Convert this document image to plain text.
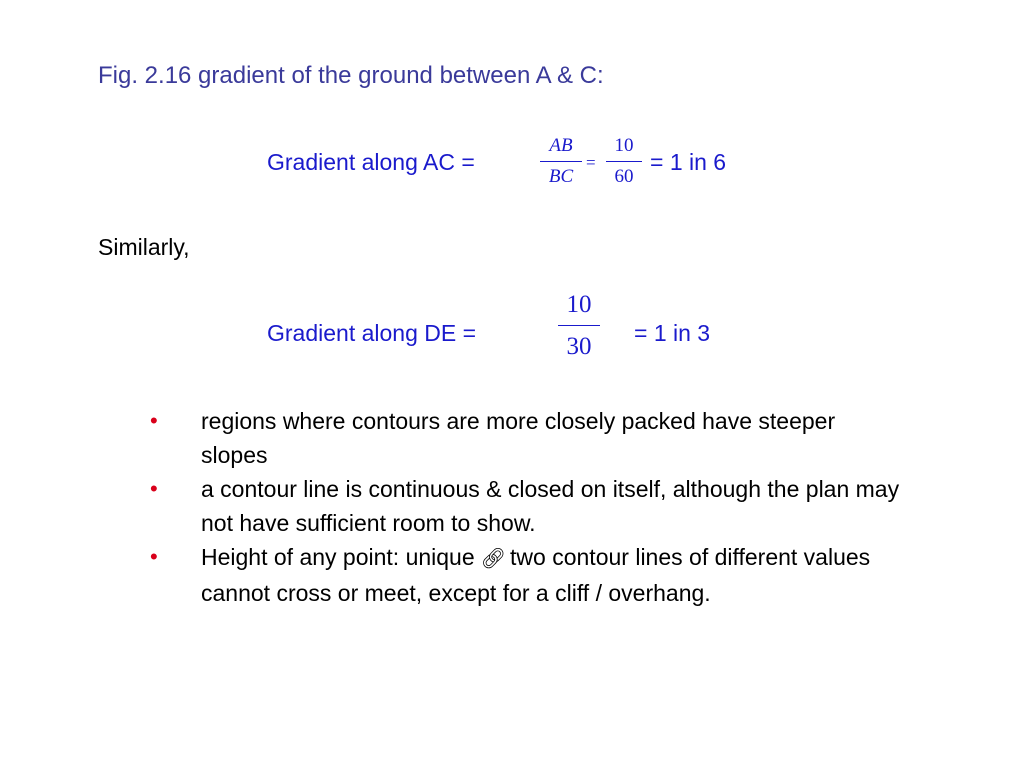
Fig. 2.16 gradient of the ground between A & C:
Gradient along AC =
AB
BC
=
10
60
= 1 in 6
Similarly,
Gradient along DE =
10
30	= 1 in 3
• regions where contours are more closely packed have steeper slopes
• a contour line is continuous & closed on itself, although the plan may not have sufficient room to show.
• Height of any point: unique 🔗︎ two contour lines of different values cannot cross or meet, except for a cliff / overhang.
